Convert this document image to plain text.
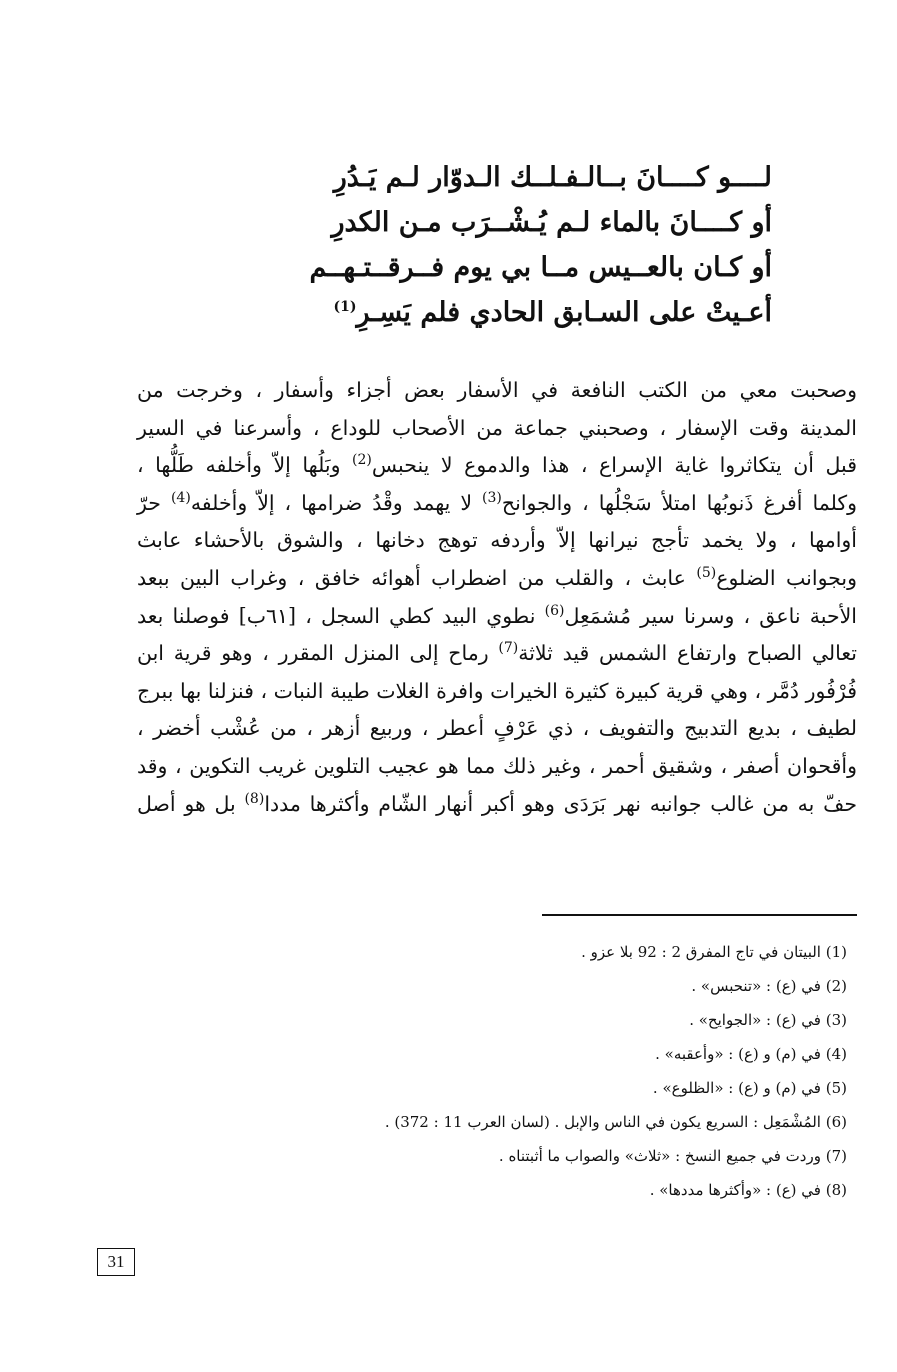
لــــو كــــانَ بــالـفـلــك الـدوّار لـم يَـدُرِ
أو كــــانَ بالماء لـم يُـشْــرَب مـن الكدرِ
أو كـان بالعــيس مــا بي يوم فــرقــتـهــم
أعـيتْ على السـابق الحادي فلم يَسِـرِ$^{(1)}$
وصحبت معي من الكتب النافعة في الأسفار بعض أجزاء وأسفار ، وخرجت من
المدينة وقت الإسفار ، وصحبني جماعة من الأصحاب للوداع ، وأسرعنا في السير
قبل أن يتكاثروا غاية الإسراع ، هذا والدموع لا ينحبس$^{(2)}$ وبَلُها إلاّ وأخلفه طَلُّها ،
وكلما أفرغ ذَنوبُها امتلأ سَجْلُها ، والجوانح$^{(3)}$ لا يهمد وقْدُ ضرامها ، إلاّ وأخلفه$^{(4)}$ حرّ
أوامها ، ولا يخمد تأجج نيرانها إلاّ وأردفه توهج دخانها ، والشوق بالأحشاء عابث
وبجوانب الضلوع$^{(5)}$ عابث ، والقلب من اضطراب أهوائه خافق ، وغراب البين ببعد
الأحبة ناعق ، وسرنا سير مُشمَعِل$^{(6)}$ نطوي البيد كطي السجل ، [٦١ب] فوصلنا بعد
تعالي الصباح وارتفاع الشمس قيد ثلاثة$^{(7)}$ رماح إلى المنزل المقرر ، وهو قرية ابن
فُرْفُور دُمَّر ، وهي قرية كبيرة كثيرة الخيرات وافرة الغلات طيبة النبات ، فنزلنا بها ببرج
لطيف ، بديع التدبيج والتفويف ، ذي عَرْفٍ أعطر ، وربيع أزهر ، من عُشْب أخضر ،
وأقحوان أصفر ، وشقيق أحمر ، وغير ذلك مما هو عجيب التلوين غريب التكوين ، وقد
حفّ به من غالب جوانبه نهر بَرَدَى وهو أكبر أنهار الشّام وأكثرها مددا$^{(8)}$ بل هو أصل
(1) البيتان في تاج المفرق 2 : 92 بلا عزو .
(2) في (ع) : «تنحبس» .
(3) في (ع) : «الجوايح» .
(4) في (م) و (ع) : «وأعقبه» .
(5) في (م) و (ع) : «الظلوع» .
(6) المُشْمَعِل : السريع يكون في الناس والإبل . (لسان العرب 11 : 372) .
(7) وردت في جميع النسخ : «ثلاث» والصواب ما أثبتناه .
(8) في (ع) : «وأكثرها مددها» .
31
